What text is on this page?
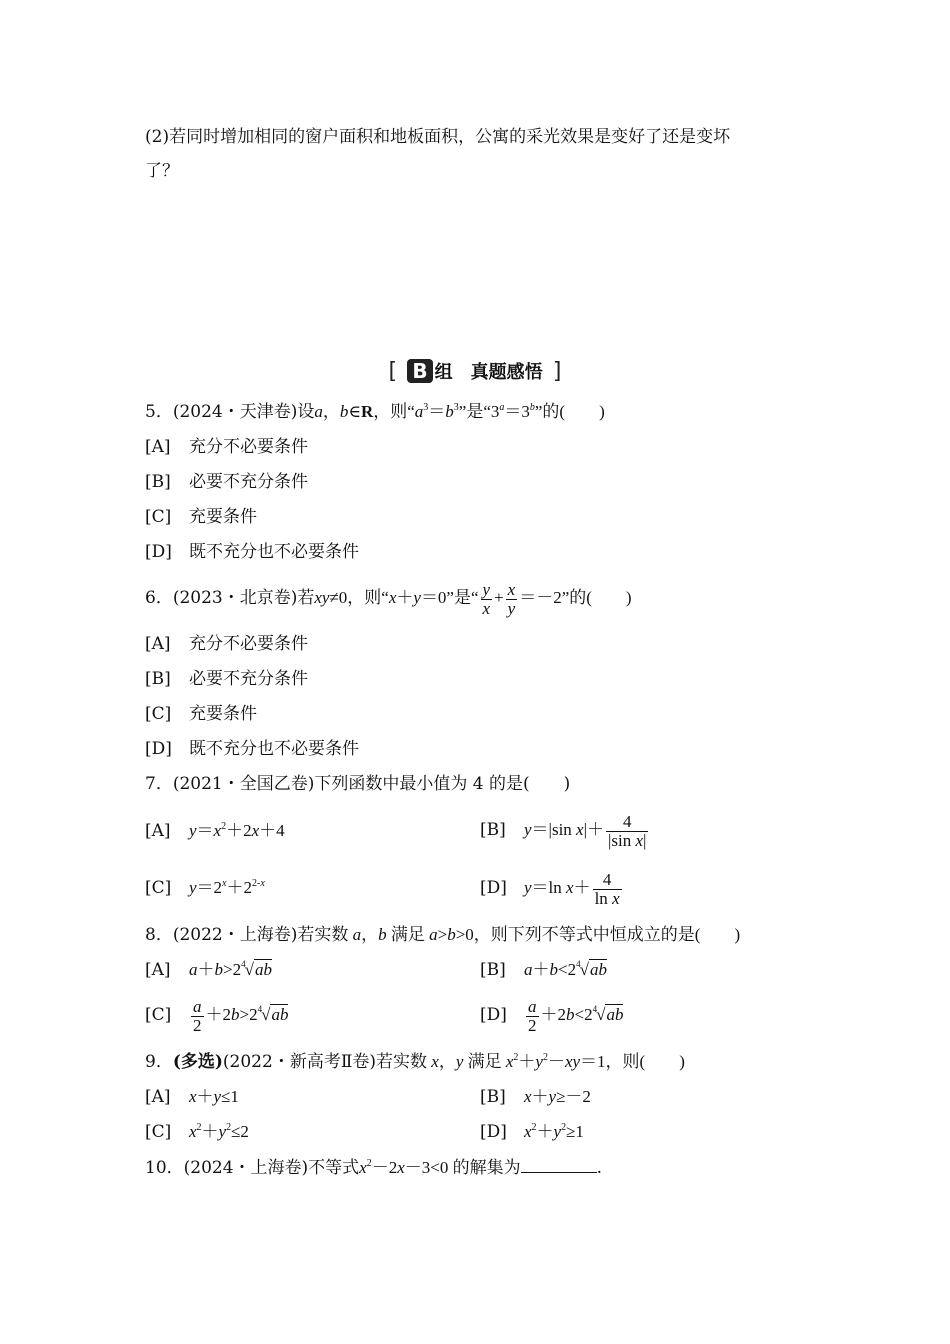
(2)若同时增加相同的窗户面积和地板面积，公寓的采光效果是变好了还是变坏
了？
[ B 组　真题感悟 ]
5．(2024・天津卷)设a，b∈R，则“$a^3=b^3$”是“$3^a=3^b$”的(　　)
[A] 充分不必要条件
[B] 必要不充分条件
[C] 充要条件
[D] 既不充分也不必要条件
6．(2023・北京卷)若xy≠0，则“x＋y＝0”是“ $\frac{y}{x} + \frac{x}{y} =-2$”的(　　)
[A] 充分不必要条件
[B] 必要不充分条件
[C] 充要条件
[D] 既不充分也不必要条件
7．(2021・全国乙卷)下列函数中最小值为 4 的是(　　)
[A] $y=x^2+2x+4$	[B] y＝|sin $x|+ \frac{4}{\text{|sin x|}}$
[C] $y=2^x+2^{2-x}$	[D] y＝ln $x+ \frac{4}{\text{ln x}}$
8．(2022・上海卷)若实数 a，b 满足 a>b>0，则下列不等式中恒成立的是(　　)
[A] $a+b>2^4√ab$	[B] $a+b<2^4√ab$
$[C] \frac{a}{2} +2b>2^4√ab$	$[D] \frac{a}{2} +2b<2^4√ab$
9．(多选)(2022・新高考Ⅱ卷)若实数 x，y 满足 $x^2+y^2-xy=1$，则(　　)
[A] x＋y≤1	[B] x＋y≥－2
[C] $x^2+y^2\le 2$	[D] $x^2+y^2\ge 1$
10．(2024・上海卷)不等式$x^2-2x-3<0$ 的解集为	.
